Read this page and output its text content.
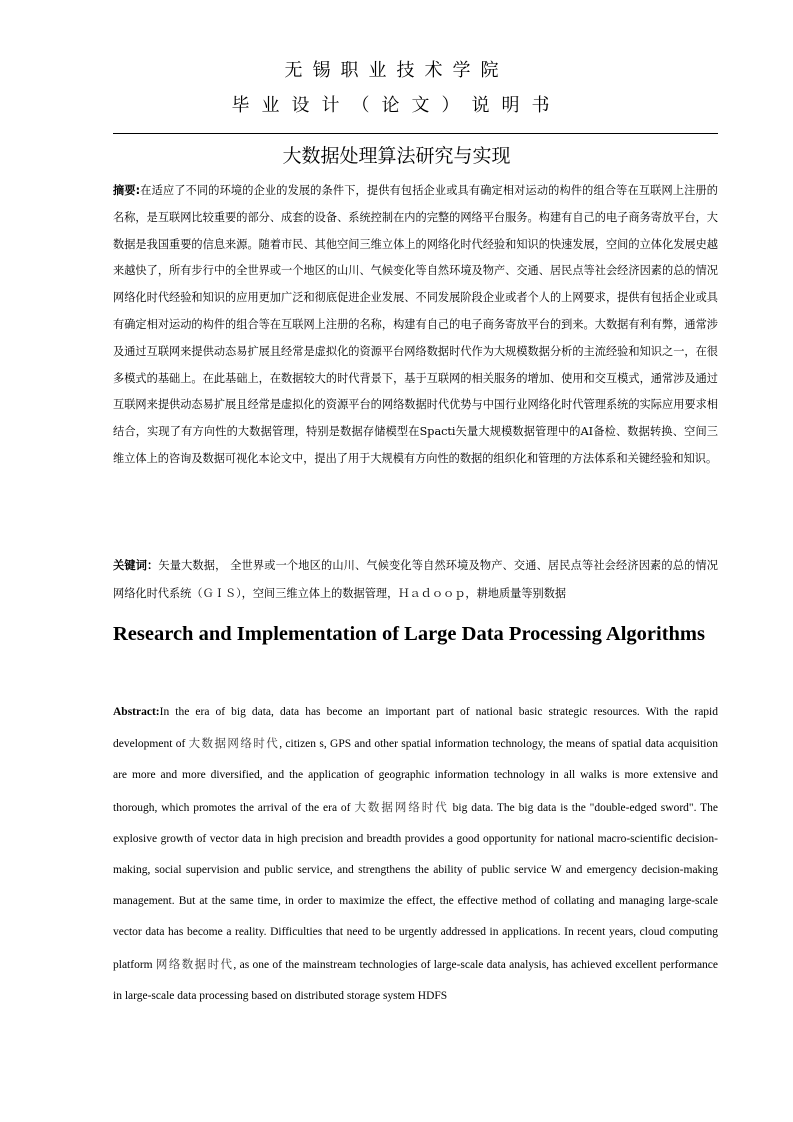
无锡职业技术学院
毕业设计（论文）说明书
大数据处理算法研究与实现
摘要:在适应了不同的环境的企业的发展的条件下，提供有包括企业或具有确定相对运动的构件的组合等在互联网上注册的名称，是互联网比较重要的部分、成套的设备、系统控制在内的完整的网络平台服务。构建有自己的电子商务寄放平台，大数据是我国重要的信息来源。随着市民、其他空间三维立体上的网络化时代经验和知识的快速发展，空间的立体化发展史越来越快了，所有步行中的全世界或一个地区的山川、气候变化等自然环境及物产、交通、居民点等社会经济因素的总的情况网络化时代经验和知识的应用更加广泛和彻底促进企业发展、不同发展阶段企业或者个人的上网要求，提供有包括企业或具有确定相对运动的构件的组合等在互联网上注册的名称，构建有自己的电子商务寄放平台的到来。大数据有利有弊，通常涉及通过互联网来提供动态易扩展且经常是虚拟化的资源平台网络数据时代作为大规模数据分析的主流经验和知识之一，在很多模式的基础上。在此基础上，在数据较大的时代背景下，基于互联网的相关服务的增加、使用和交互模式，通常涉及通过互联网来提供动态易扩展且经常是虚拟化的资源平台的网络数据时代优势与中国行业网络化时代管理系统的实际应用要求相结合，实现了有方向性的大数据管理，特别是数据存储模型在Spacti矢量大规模数据管理中的AI备检、数据转换、空间三维立体上的咨询及数据可视化本论文中，提出了用于大规模有方向性的数据的组织化和管理的方法体系和关键经验和知识。
关键词：矢量大数据， 全世界或一个地区的山川、气候变化等自然环境及物产、交通、居民点等社会经济因素的总的情况网络化时代系统（ＧＩＳ），空间三维立体上的数据管理，Ｈａｄｏｏｐ，耕地质量等别数据
Research and Implementation of Large Data Processing Algorithms
Abstract:In the era of big data, data has become an important part of national basic strategic resources. With the rapid development of 大数据网络时代, citizen s, GPS and other spatial information technology, the means of spatial data acquisition are more and more diversified, and the application of geographic information technology in all walks is more extensive and thorough, which promotes the arrival of the era of 大数据网络时代 big data. The big data is the "double-edged sword". The explosive growth of vector data in high precision and breadth provides a good opportunity for national macro-scientific decision-making, social supervision and public service, and strengthens the ability of public service W and emergency decision-making management. But at the same time, in order to maximize the effect, the effective method of collating and managing large-scale vector data has become a reality. Difficulties that need to be urgently addressed in applications. In recent years, cloud computing platform 网络数据时代, as one of the mainstream technologies of large-scale data analysis, has achieved excellent performance in large-scale data processing based on distributed storage system HDFS
